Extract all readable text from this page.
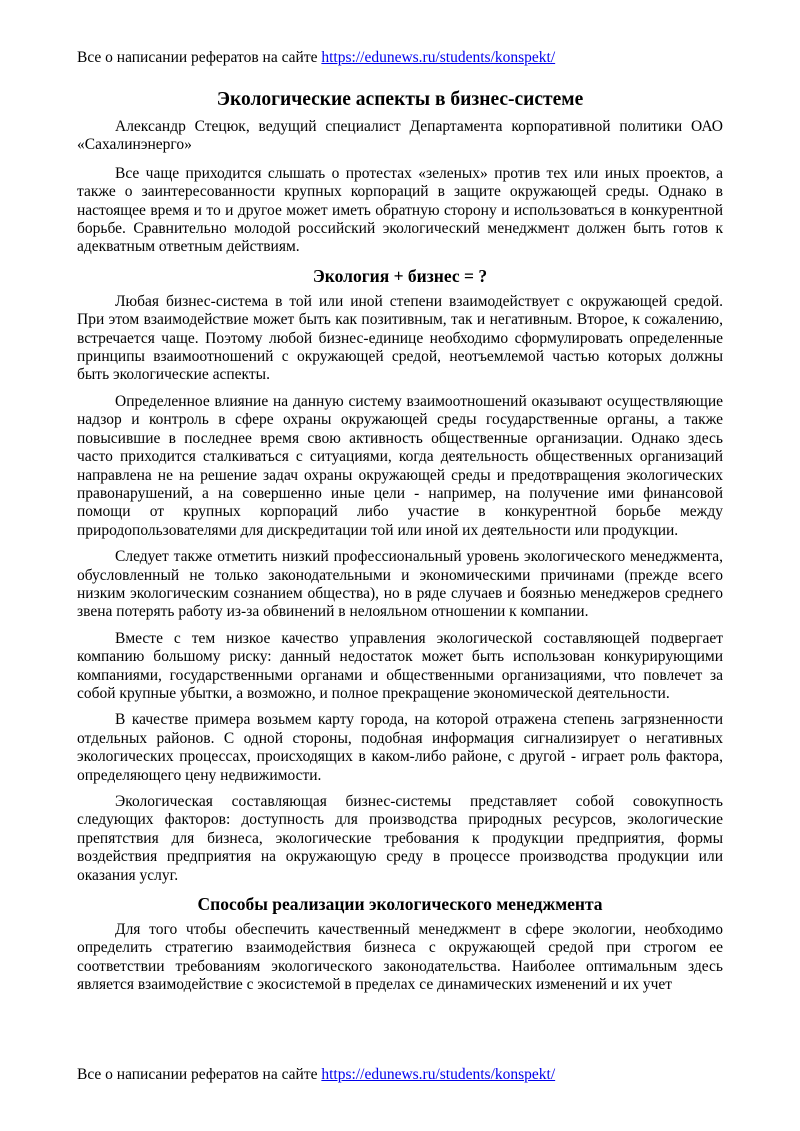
Все о написании рефератов на сайте https://edunews.ru/students/konspekt/
Экологические аспекты в бизнес-системе

Александр Стецюк, ведущий специалист Департамента корпоративной политики ОАО «Сахалинэнерго»

Все чаще приходится слышать о протестах «зеленых» против тех или иных проектов, а также о заинтересованности крупных корпораций в защите окружающей среды. Однако в настоящее время и то и другое может иметь обратную сторону и использоваться в конкурентной борьбе. Сравнительно молодой российский экологический менеджмент должен быть готов к адекватным ответным действиям.

Экология + бизнес = ?

Любая бизнес-система в той или иной степени взаимодействует с окружающей средой. При этом взаимодействие может быть как позитивным, так и негативным. Второе, к сожалению, встречается чаще. Поэтому любой бизнес-единице необходимо сформулировать определенные принципы взаимоотношений с окружающей средой, неотъемлемой частью которых должны быть экологические аспекты.

Определенное влияние на данную систему взаимоотношений оказывают осуществляющие надзор и контроль в сфере охраны окружающей среды государственные органы, а также повысившие в последнее время свою активность общественные организации. Однако здесь часто приходится сталкиваться с ситуациями, когда деятельность общественных организаций направлена не на решение задач охраны окружающей среды и предотвращения экологических правонарушений, а на совершенно иные цели - например, на получение ими финансовой помощи от крупных корпораций либо участие в конкурентной борьбе между природопользователями для дискредитации той или иной их деятельности или продукции.

Следует также отметить низкий профессиональный уровень экологического менеджмента, обусловленный не только законодательными и экономическими причинами (прежде всего низким экологическим сознанием общества), но в ряде случаев и боязнью менеджеров среднего звена потерять работу из-за обвинений в нелояльном отношении к компании.

Вместе с тем низкое качество управления экологической составляющей подвергает компанию большому риску: данный недостаток может быть использован конкурирующими компаниями, государственными органами и общественными организациями, что повлечет за собой крупные убытки, а возможно, и полное прекращение экономической деятельности.

В качестве примера возьмем карту города, на которой отражена степень загрязненности отдельных районов. С одной стороны, подобная информация сигнализирует о негативных экологических процессах, происходящих в каком-либо районе, с другой - играет роль фактора, определяющего цену недвижимости.

Экологическая составляющая бизнес-системы представляет собой совокупность следующих факторов: доступность для производства природных ресурсов, экологические препятствия для бизнеса, экологические требования к продукции предприятия, формы воздействия предприятия на окружающую среду в процессе производства продукции или оказания услуг.

Способы реализации экологического менеджмента

Для того чтобы обеспечить качественный менеджмент в сфере экологии, необходимо определить стратегию взаимодействия бизнеса с окружающей средой при строгом ее соответствии требованиям экологического законодательства. Наиболее оптимальным здесь является взаимодействие с экосистемой в пределах се динамических изменений и их учет

Все о написании рефератов на сайте https://edunews.ru/students/konspekt/
